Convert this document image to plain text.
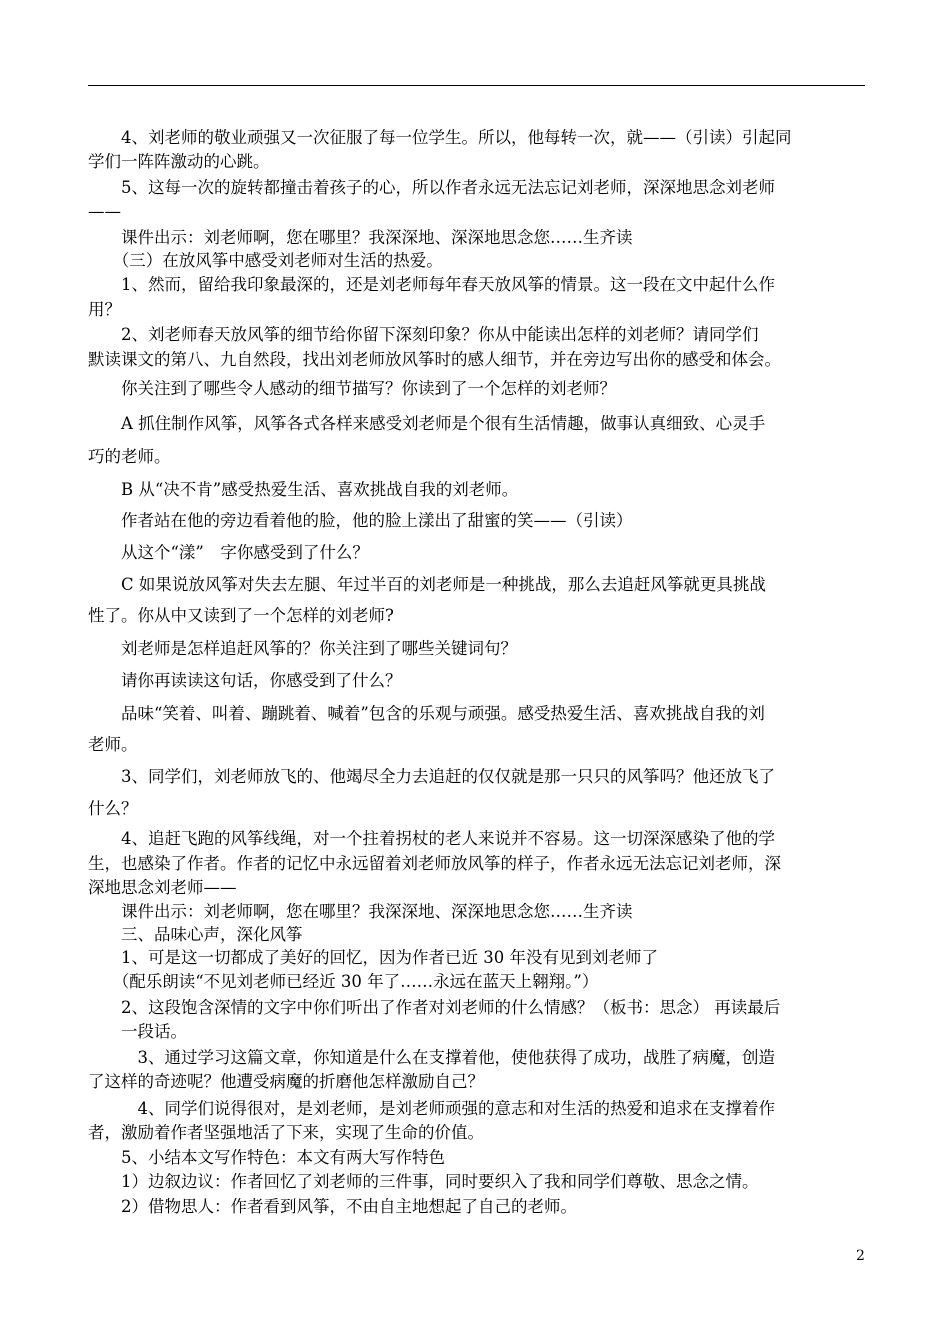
　　4、刘老师的敬业顽强又一次征服了每一位学生。所以，他每转一次，就——（引读）引起同
学们一阵阵激动的心跳。
　　5、这每一次的旋转都撞击着孩子的心，所以作者永远无法忘记刘老师，深深地思念刘老师
——
　　课件出示：刘老师啊，您在哪里？我深深地、深深地思念您……生齐读
　　（三）在放风筝中感受刘老师对生活的热爱。
　　1、然而，留给我印象最深的，还是刘老师每年春天放风筝的情景。这一段在文中起什么作
用？
　　2、刘老师春天放风筝的细节给你留下深刻印象？你从中能读出怎样的刘老师？请同学们
默读课文的第八、九自然段，找出刘老师放风筝时的感人细节，并在旁边写出你的感受和体会。
　　你关注到了哪些令人感动的细节描写？你读到了一个怎样的刘老师？
　　A 抓住制作风筝，风筝各式各样来感受刘老师是个很有生活情趣，做事认真细致、心灵手
巧的老师。
　　B 从“决不肯”感受热爱生活、喜欢挑战自我的刘老师。
　　作者站在他的旁边看着他的脸，他的脸上漾出了甜蜜的笑——（引读）
　　从这个“漾”　字你感受到了什么？
　　C 如果说放风筝对失去左腿、年过半百的刘老师是一种挑战，那么去追赶风筝就更具挑战
性了。你从中又读到了一个怎样的刘老师?
　　刘老师是怎样追赶风筝的？你关注到了哪些关键词句？
　　请你再读读这句话，你感受到了什么？
　　品味“笑着、叫着、蹦跳着、喊着”包含的乐观与顽强。感受热爱生活、喜欢挑战自我的刘
老师。
　　3、同学们，刘老师放飞的、他竭尽全力去追赶的仅仅就是那一只只的风筝吗？他还放飞了
什么？
　　4、追赶飞跑的风筝线绳，对一个拄着拐杖的老人来说并不容易。这一切深深感染了他的学
生，也感染了作者。作者的记忆中永远留着刘老师放风筝的样子，作者永远无法忘记刘老师，深
深地思念刘老师——
　　课件出示：刘老师啊，您在哪里？我深深地、深深地思念您……生齐读
　　三、品味心声，深化风筝
　　1、可是这一切都成了美好的回忆，因为作者已近 30 年没有见到刘老师了
　　（配乐朗读“不见刘老师已经近 30 年了……永远在蓝天上翱翔。”）
　　2、这段饱含深情的文字中你们听出了作者对刘老师的什么情感？（板书：思念） 再读最后
　　一段话。
　　　3、通过学习这篇文章，你知道是什么在支撑着他，使他获得了成功，战胜了病魔，创造
了这样的奇迹呢？他遭受病魔的折磨他怎样激励自己？
　　　4、同学们说得很对，是刘老师，是刘老师顽强的意志和对生活的热爱和追求在支撑着作
者，激励着作者坚强地活了下来，实现了生命的价值。
　　5、小结本文写作特色：本文有两大写作特色
　　1）边叙边议：作者回忆了刘老师的三件事，同时要织入了我和同学们尊敬、思念之情。
　　2）借物思人：作者看到风筝，不由自主地想起了自己的老师。
2
